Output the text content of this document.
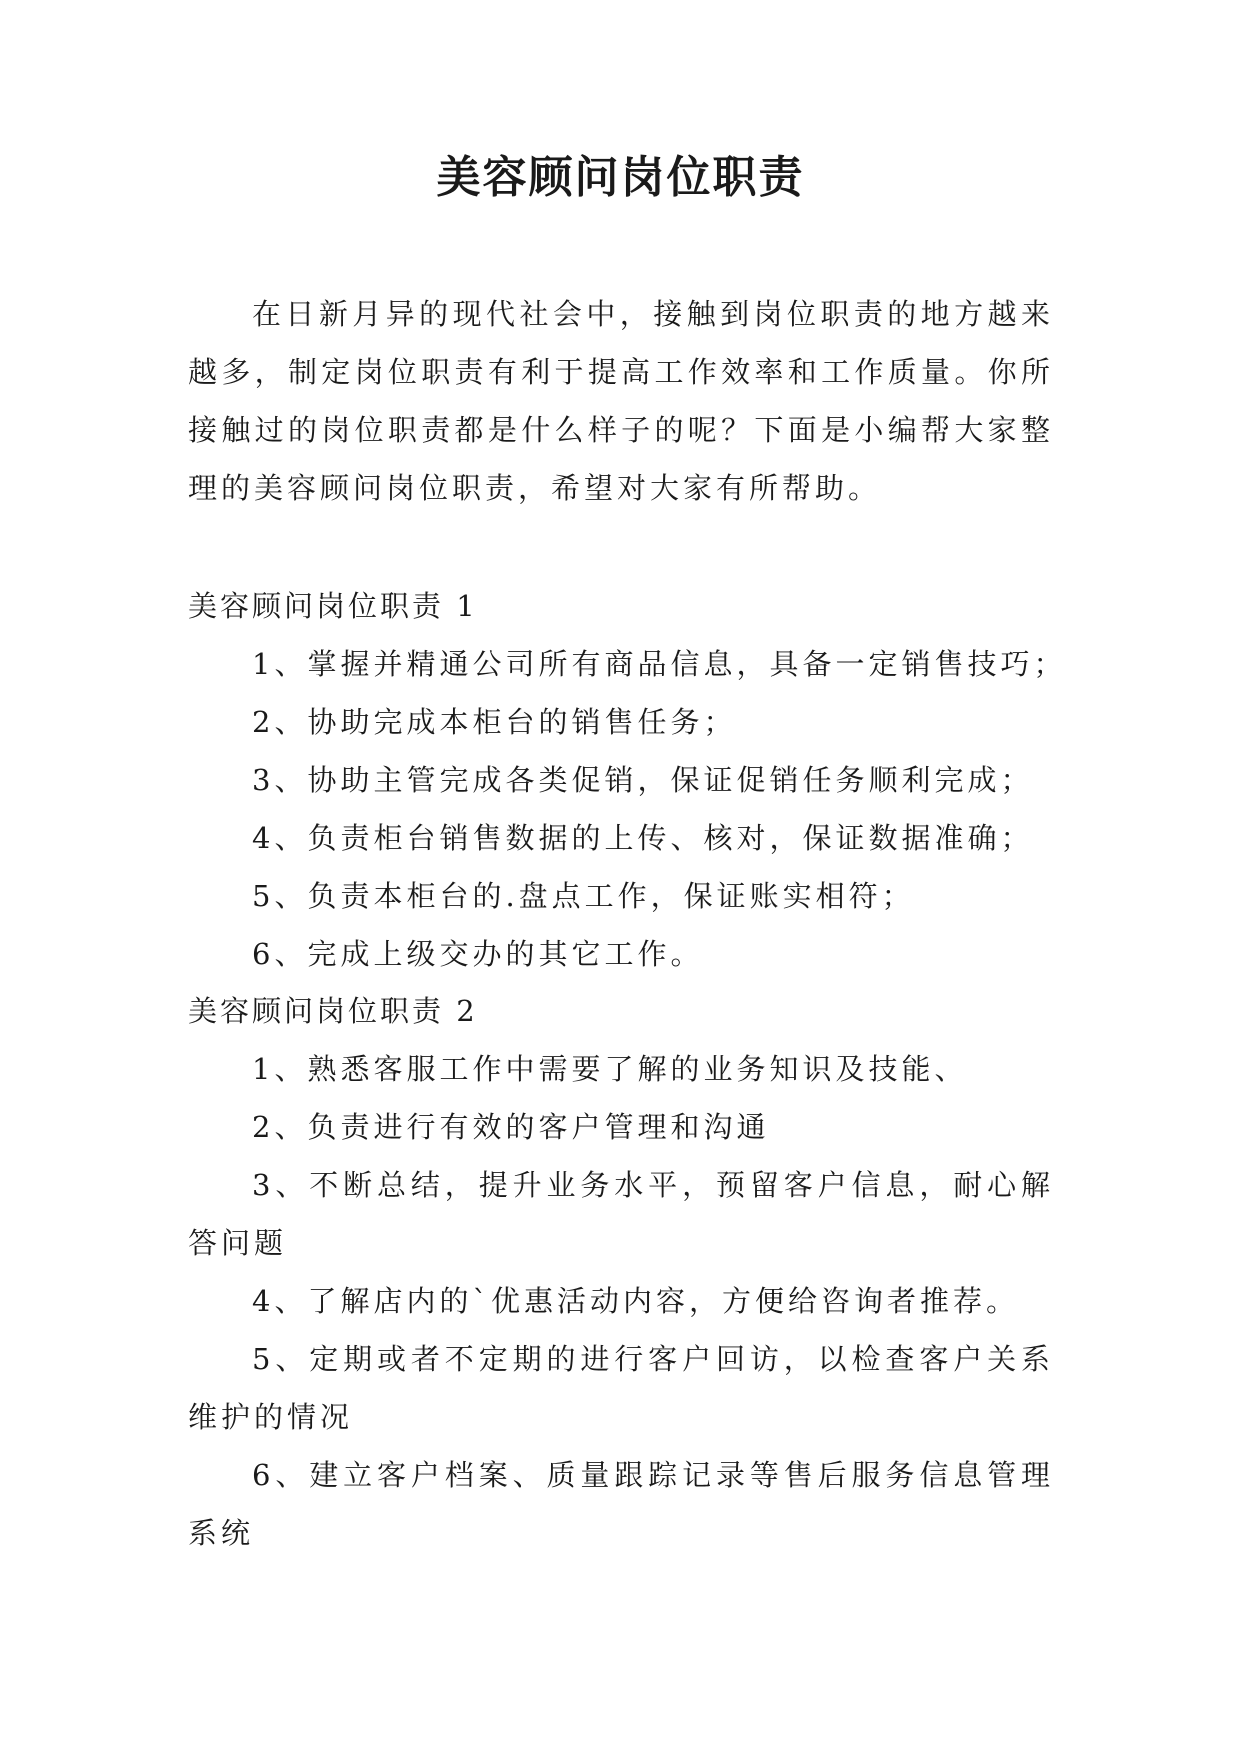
美容顾问岗位职责
在日新月异的现代社会中，接触到岗位职责的地方越来越多，制定岗位职责有利于提高工作效率和工作质量。你所接触过的岗位职责都是什么样子的呢？下面是小编帮大家整理的美容顾问岗位职责，希望对大家有所帮助。
美容顾问岗位职责 1
1、掌握并精通公司所有商品信息，具备一定销售技巧；
2、协助完成本柜台的销售任务；
3、协助主管完成各类促销，保证促销任务顺利完成；
4、负责柜台销售数据的上传、核对，保证数据准确；
5、负责本柜台的.盘点工作，保证账实相符；
6、完成上级交办的其它工作。
美容顾问岗位职责 2
1、熟悉客服工作中需要了解的业务知识及技能、
2、负责进行有效的客户管理和沟通
3、不断总结，提升业务水平，预留客户信息，耐心解答问题
4、了解店内的`优惠活动内容，方便给咨询者推荐。
5、定期或者不定期的进行客户回访，以检查客户关系维护的情况
6、建立客户档案、质量跟踪记录等售后服务信息管理系统
